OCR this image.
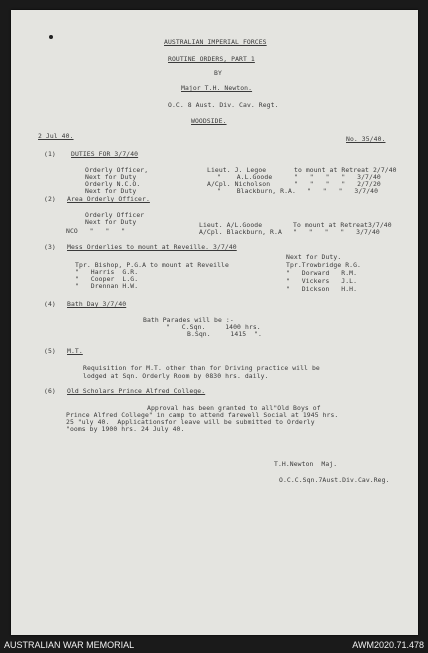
AUSTRALIAN IMPERIAL FORCES
ROUTINE ORDERS, PART 1
BY
Major T.H. Newton.
O.C. 8 Aust. Div. Cav. Regt.
WOODSIDE.
2 Jul 40.	No. 35/40.
(1) DUTIES FOR 3/7/40
Orderly Officer,	Lieut. J. Legoe	to mount at Retreat 2/7/40
Next for Duty	"    A.L.Goode	"   "   "   "   3/7/40
Orderly N.C.O.	A/Cpl. Nicholson	"   "   "   "   2/7/20
Next for Duty	"    Blackburn, R.A. "   "   "   3/7/40
(2) Area Orderly Officer.
Orderly Officer
Next for Duty	Lieut. A/L.Goode	To mount at Retreat3/7/40
NCO   "   "   "	A/Cpl. Blackburn, R.A "   "   "   "   3/7/40
(3) Mess Orderlies to mount at Reveille. 3/7/40
Tpr. Bishop, P.G.A to mount at Reveille
"   Harris  G.R.
"   Cooper  L.G.
"   Drennan H.W.
Next for Duty.
Tpr.Trowbridge R.G.
"   Dorward   R.M.
"   Vickers   J.L.
"   Dickson   H.H.
(4) Bath Day 3/7/40
Bath Parades will be :-
"   C.Sqn.     1400 hrs.
B.Sqn.     1415  ".
(5) M.T.
Requisition for M.T. other than for Driving practice will be
lodged at Sqn. Orderly Room by 0830 hrs. daily.
(6) Old Scholars Prince Alfred College.
Approval has been granted to all"Old Boys of
Prince Alfred College" in camp to attend farewell Social at 1945 hrs.
25 "uly 40.  Applicationsfor leave will be submitted to Orderly
"ooms by 1900 hrs. 24 July 40.
T.H.Newton  Maj.
O.C.C.Sqn.7Aust.Div.Cav.Reg.
AUSTRALIAN WAR MEMORIAL	AWM2020.71.478
